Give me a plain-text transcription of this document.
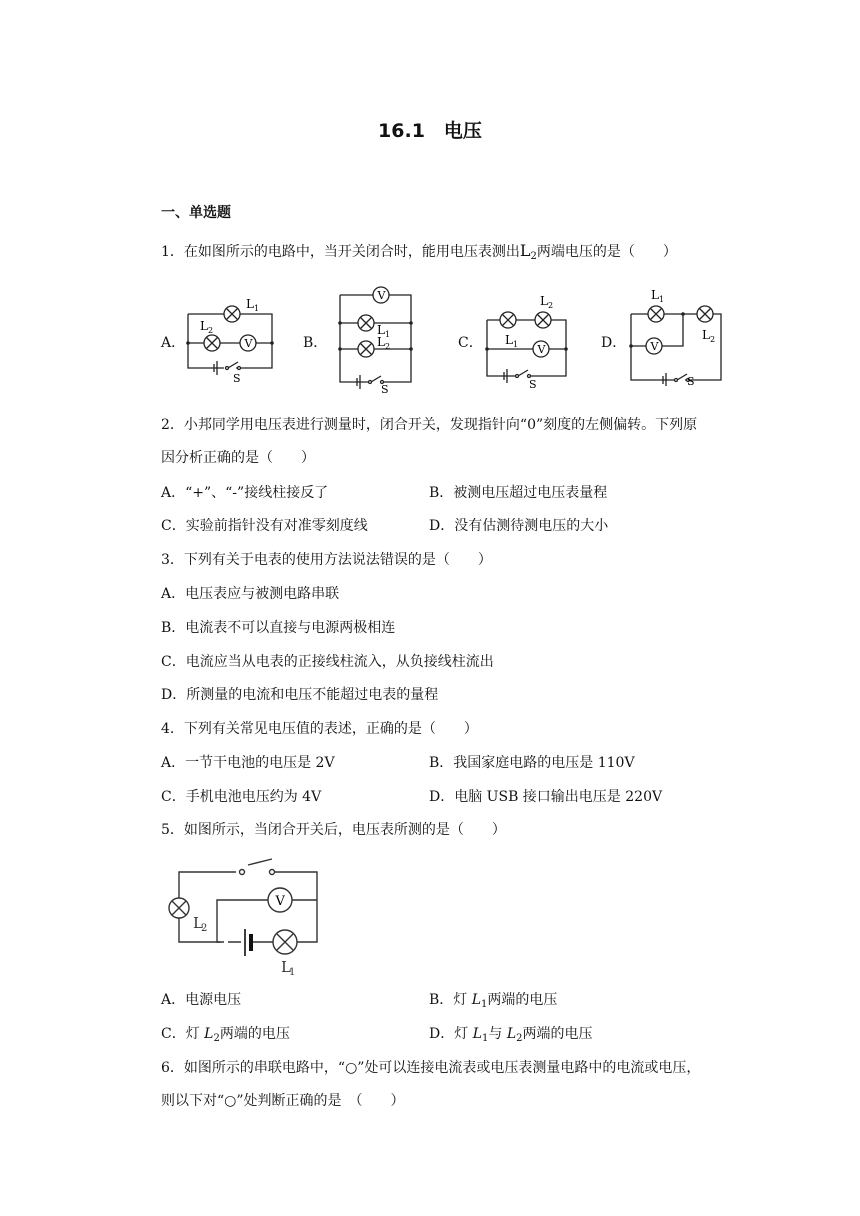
16.1　电压
一、单选题
1．在如图所示的电路中，当开关闭合时，能用电压表测出$L_2$两端电压的是（　　）
A．	B．	C．	D．
V
L 1
L 2
S
V
L 1
L 2
S
V
L 1
L 2
S
V
L 1
L 2
S
2．小邦同学用电压表进行测量时，闭合开关，发现指针向“0”刻度的左侧偏转。下列原
因分析正确的是（　　）
A．“+”、“-”接线柱接反了	B．被测电压超过电压表量程
C．实验前指针没有对准零刻度线	D．没有估测待测电压的大小
3．下列有关于电表的使用方法说法错误的是（　　）
A．电压表应与被测电路串联
B．电流表不可以直接与电源两极相连
C．电流应当从电表的正接线柱流入，从负接线柱流出
D．所测量的电流和电压不能超过电表的量程
4．下列有关常见电压值的表述，正确的是（　　）
A．一节干电池的电压是 2V	B．我国家庭电路的电压是 110V
C．手机电池电压约为 4V	D．电脑 USB 接口输出电压是 220V
5．如图所示，当闭合开关后，电压表所测的是（　　）
V
L
2
L
1
A．电源电压	B．灯 $L_1$两端的电压
C．灯 $L_2$两端的电压	D．灯 $L_1$与 $L_2$两端的电压
6．如图所示的串联电路中，“○”处可以连接电流表或电压表测量电路中的电流或电压，
则以下对“○”处判断正确的是　（　　）
